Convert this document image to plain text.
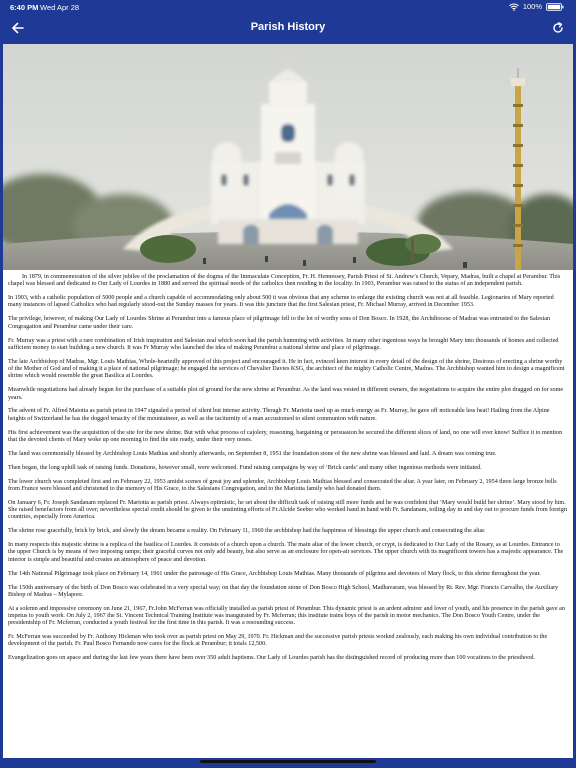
6:40 PM Wed Apr 28	100%
Parish History

In 1879, in commemoration of the silver jubilee of the proclamation of the dogma of the Immaculate Conception, Fr. H. Hennessey, Parish Priest of St. Andrew’s Church, Vepary, Madras, built a chapel at Perambur. This chapel was blessed and dedicated to Our Lady of Lourdes in 1880 and served the spiritual needs of the catholics then residing in the locality. In 1903, Perambur was raised to the status of an independent parish.

In 1903, with a catholic population of 5000 people and a church capable of accommodating only about 500 it was obvious that any scheme to enlarge the existing church was not at all feasible. Legionaries of Mary reported many instances of lapsed Catholics who had regularly stood-out the Sunday masses for years. It was this juncture that the first Salesian priest, Fr. Michael Murray, arrived in December 1953.

The privilege, however, of making Our Lady of Lourdes Shrine at Perambur into a famous place of pilgrimage fell to the lot of worthy sons of Don Bosco. In 1928, the Archdiocese of Madras was entrusted to the Salesian Congragation and Perambur came under their care.

Fr. Murray was a priest with a rare combination of Irish inspiration and Salesian zeal which soon had the parish humming with activities. In many other ingenious ways he brought Mary into thousands of homes and collected sufficient money to start building a new church. It was Fr Murray who launched the idea of making Perambur a national shrine and place of pilgrimage.

The late Archbishop of Madras, Mgr. Louis Mathias, Whole-heartedly approved of this project and encouraged it. He in fact, evinced keen interest in every detail of the design of the shrine, Desirous of erecting a shrine worthy of the Mother of God and of making it a place of national pilgrimage; he engaged the services of Chevalier Davies KSG, the architect of the mighty Catholic Centre, Madras. The Archbishop wanted him to design a magnificent shrine which would resemble the great Basilica at Lourdes.

Meanwhile negotiations had already begun for the purchase of a suitable plot of ground for the new shrine at Perambur. As the land was vested in different owners, the negotiations to acquire the entire plot dragged on for some years.

The advent of Fr. Alfred Maiotta as parish priest in 1947 signaled a period of silent but intense activity. Though Fr. Mariotta used up as much energy as Fr. Murray, he gave off noticeable less heat! Hailing from the Alpine heights of Switzerland he has the dogged tenacity of the mountaineer, as well as the taciturnity of a man accustomed to silent communion with nature.

His first achievement was the acquisition of the site for the new shrine. But with what process of cajolery, reasoning, bargaining or persuasion he secured the different slices of land, no one will ever know! Suffice it to mention that the devoted clients of Mary woke up one morning to find the site ready, under their very noses.

The land was ceremonially blessed by Archbishop Louis Mathias and shortly afterwards, on September 8, 1951 the foundation stone of the new shrine was blessed and laid. A dream was coming true.

Then began, the long uphill task of raising funds. Donations, however small, were welcomed. Fund raising campaigns by way of ‘Brick cards’ and many other ingenious methods were initiated.

The lower church was completed first and on February 22, 1953 amidst scenes of great joy and splendor, Archbishop Louis Mathias blessed and consecrated the altar. A year later, on February 2, 1954 three large bronze bells from France were blessed and christened to the memory of His Grace, to the Salesians Congregation, and to the Mariotta family who had donated them.

On January 6, Fr. Joseph Sandanam replaced Fr. Mariotta as parish priest. Always optimistic, he set about the difficult task of raising still more funds and he was confident that ‘Mary would build her shrine’. Mary stood by him. She raised benefactors from all over; nevertheless special credit should be given to the unstinting efforts of Fr.Alcide Seeber who worked hand in hand with Fr. Sandanam, toiling day in and day out to procure funds from foreign countries, especially from America.

The shrine rose gracefully, brick by brick, and slowly the dream became a reality. On February 11, 1960 the archbishop had the happiness of blessings the upper church and consecrating the altar.

In many respects this majestic shrine is a replica of the basilica of Lourdes. It consists of a church upon a church. The main altar of the lower church, or crypt, is dedicated to Our Lady of the Rosary, as at Lourdes. Entrance to the upper Church is by means of two imposing ramps; their graceful curves not only add beauty, but also serve as an enclosure for open-air services. The upper church with its magnificent towers has a majestic appearance. The interior is simple and beautiful and creates an atmosphere of peace and devotion.

The 14th National Pilgrimage took place on February 14, 1961 under the patronage of His Grace, Archbishop Louis Mathias. Many thousands of pilgrims and devotees of Mary flock, to this shrine throughout the year.

The 150th anniversary of the birth of Don Bosco was celebrated in a very special way; on that day the foundation stone of Don Bosco High School, Madhavaram, was blessed by Rt. Rev. Mgr. Francis Carvalho, the Auxiliary Bishop of Madras – Mylapore.

At a solemn and impressive ceremony on June 21, 1967, Fr.John McFerran was officially installed as parish priest of Perambur. This dynamic priest is an ardent admirer and lover of youth, and his presence in the parish gave an impetus to youth work. On July 2, 1967 the St. Vincent Technical Training Institute was inaugurated by Fr. Mcferran; this institute trains boys of the parish in motor mechanics. The Don Bosco Youth Centre, under the presidentship of Fr. Mcferran, conducted a youth festival for the first time in this parish. It was a resounding success.

Fr. McFerran was succeeded by Fr. Anthony Hickman who took over as parish priest on May 29, 1970. Fr. Hickman and the successive parish priests worked zealously, each making his own individual contribution to the development of the parish. Fr. Paul Bosco Fernando now cares for the flock at Perambur; it totals 12,500.

Evangelization goes on apace and during the last few years there have been over 350 adult baptisms. Our Lady of Lourdes parish has the distinguished record of producing more than 100 vocations to the priesthood.
